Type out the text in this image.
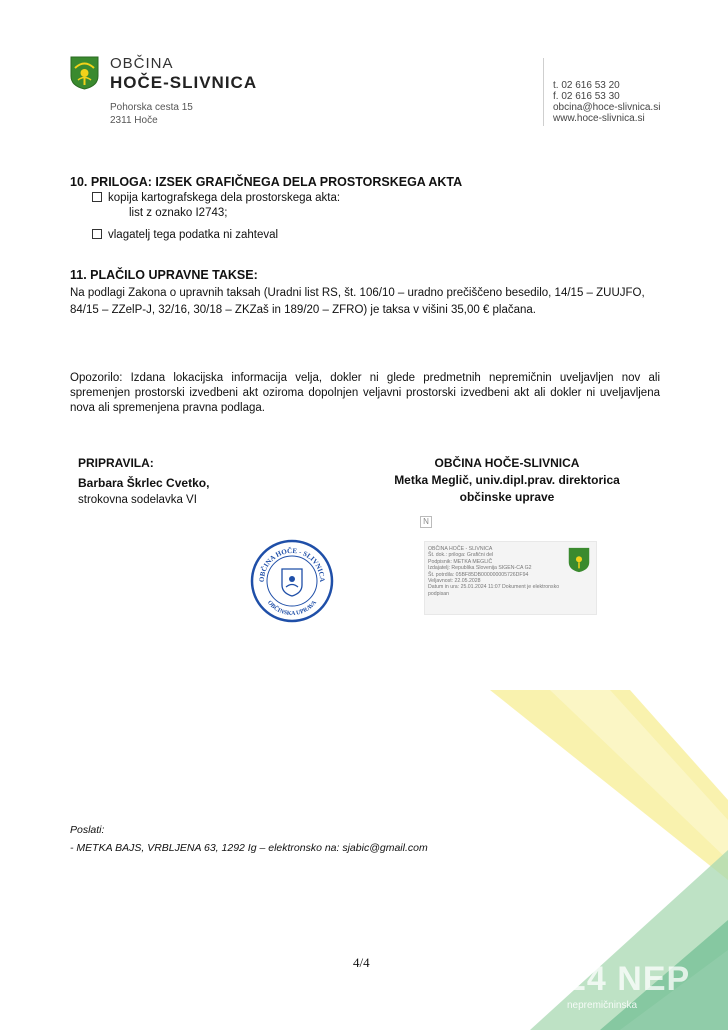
OBČINA
HOČE-SLIVNICA
Pohorska cesta 15
2311 Hoče
t. 02 616 53 20
f. 02 616 53 30
obcina@hoce-slivnica.si
www.hoce-slivnica.si
10. PRILOGA: IZSEK GRAFIČNEGA DELA PROSTORSKEGA AKTA
kopija kartografskega dela prostorskega akta:
list z oznako I2743;
vlagatelj tega podatka ni zahteval
11. PLAČILO UPRAVNE TAKSE:
Na podlagi Zakona o upravnih taksah (Uradni list RS, št. 106/10 – uradno prečiščeno besedilo, 14/15 – ZUUJFO, 84/15 – ZZelP-J, 32/16, 30/18 – ZKZaš in 189/20 – ZFRO) je taksa v višini 35,00 € plačana.
Opozorilo: Izdana lokacijska informacija velja, dokler ni glede predmetnih nepremičnin uveljavljen nov ali spremenjen prostorski izvedbeni akt oziroma dopolnjen veljavni prostorski izvedbeni akt ali dokler ni uveljavljena nova ali spremenjena pravna podlaga.
PRIPRAVILA:
Barbara Škrlec Cvetko,
strokovna sodelavka VI
OBČINA HOČE-SLIVNICA
Metka Meglič, univ.dipl.prav. direktorica
občinske uprave
N
OBČINA HOČE - SLIVNICA
OBČINSKA UPRAVA
OBČINA HOČE - SLIVNICA
Št. dok.: priloga: Grafični del
Podpisnik: METKA MEGLIČ
Izdajatelj: Republika Slovenija SIGEN-CA G2
Št. potrdila: 05BF85DB000000005726DF94
Veljavnost: 22.05.2028
Datum in ura: 25.01.2024 11:07 Dokument je elektronsko podpisan
24 NEP
nepremičninska
Poslati:
- METKA BAJS, VRBLJENA 63, 1292 Ig – elektronsko na: sjabic@gmail.com
4/4
